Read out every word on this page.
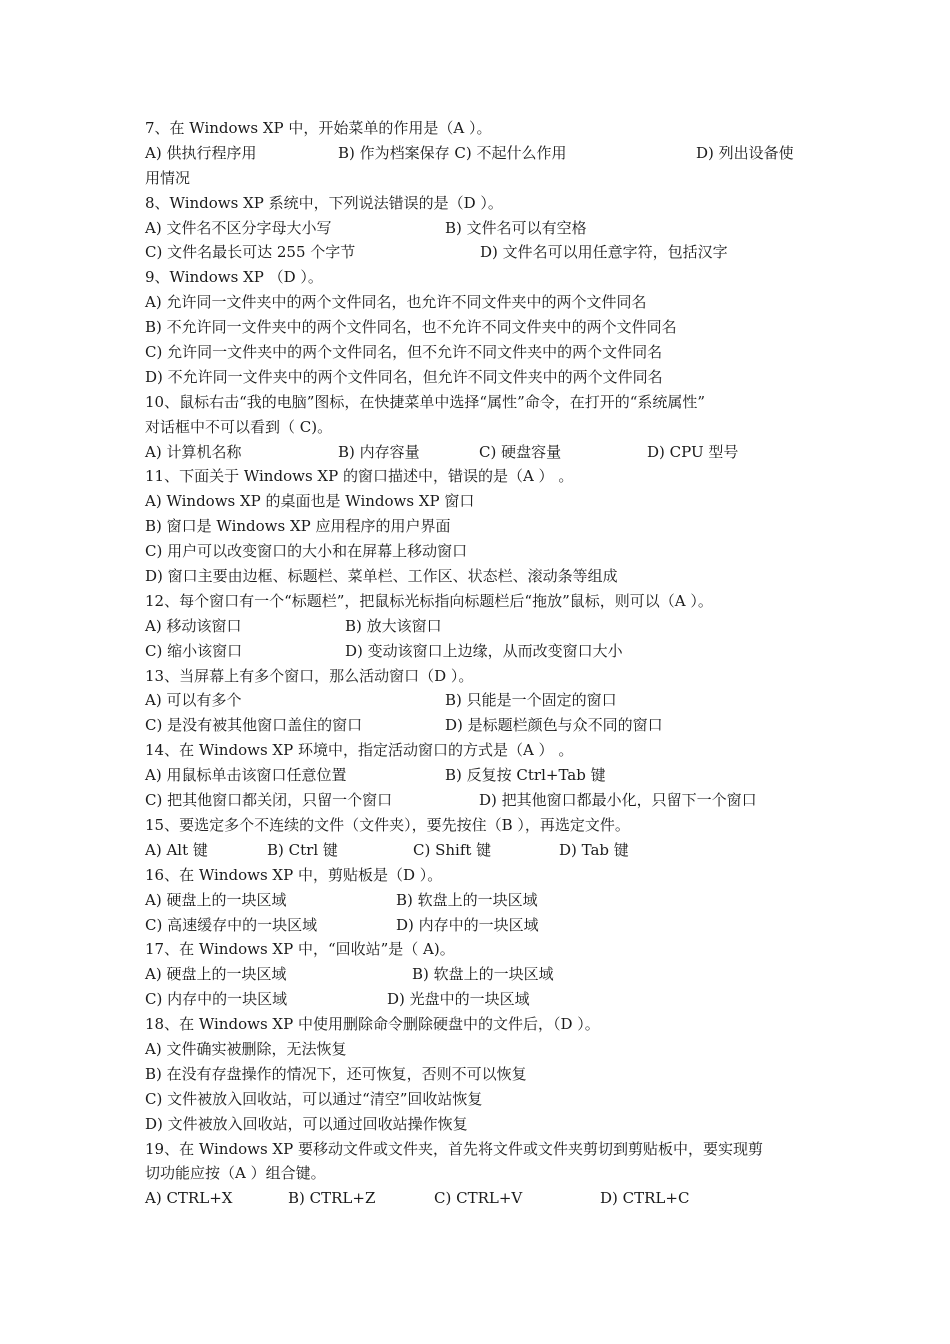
7、在 Windows XP 中，开始菜单的作用是（A ）。
A) 供执行程序用	B) 作为档案保存 C) 不起什么作用	D) 列出设备使
用情况
8、Windows XP 系统中，下列说法错误的是（D ）。
A) 文件名不区分字母大小写	B) 文件名可以有空格
C) 文件名最长可达 255 个字节	D) 文件名可以用任意字符，包括汉字
9、Windows XP （D ）。
A) 允许同一文件夹中的两个文件同名，也允许不同文件夹中的两个文件同名
B) 不允许同一文件夹中的两个文件同名，也不允许不同文件夹中的两个文件同名
C) 允许同一文件夹中的两个文件同名，但不允许不同文件夹中的两个文件同名
D) 不允许同一文件夹中的两个文件同名，但允许不同文件夹中的两个文件同名
10、鼠标右击“我的电脑”图标，在快捷菜单中选择“属性”命令，在打开的“系统属性”
对话框中不可以看到（ C)。
A) 计算机名称	B) 内存容量	C) 硬盘容量	D) CPU 型号
11、下面关于 Windows XP 的窗口描述中，错误的是（A ） 。
A) Windows XP 的桌面也是 Windows XP 窗口
B) 窗口是 Windows XP 应用程序的用户界面
C) 用户可以改变窗口的大小和在屏幕上移动窗口
D) 窗口主要由边框、标题栏、菜单栏、工作区、状态栏、滚动条等组成
12、每个窗口有一个“标题栏”，把鼠标光标指向标题栏后“拖放”鼠标，则可以（A ）。
A) 移动该窗口	B) 放大该窗口
C) 缩小该窗口	D) 变动该窗口上边缘，从而改变窗口大小
13、当屏幕上有多个窗口，那么活动窗口（D ）。
A) 可以有多个	B) 只能是一个固定的窗口
C) 是没有被其他窗口盖住的窗口	D) 是标题栏颜色与众不同的窗口
14、在 Windows XP 环境中，指定活动窗口的方式是（A ） 。
A) 用鼠标单击该窗口任意位置	B) 反复按 Ctrl+Tab 键
C) 把其他窗口都关闭，只留一个窗口	D) 把其他窗口都最小化，只留下一个窗口
15、要选定多个不连续的文件（文件夹），要先按住（B ），再选定文件。
A) Alt 键	B) Ctrl 键	C) Shift 键	D) Tab 键
16、在 Windows XP 中，剪贴板是（D ）。
A) 硬盘上的一块区域	B) 软盘上的一块区域
C) 高速缓存中的一块区域	D) 内存中的一块区域
17、在 Windows XP 中，“回收站”是（ A)。
A) 硬盘上的一块区域	B) 软盘上的一块区域
C) 内存中的一块区域	D) 光盘中的一块区域
18、在 Windows XP 中使用删除命令删除硬盘中的文件后，（D ）。
A) 文件确实被删除，无法恢复
B) 在没有存盘操作的情况下，还可恢复，否则不可以恢复
C) 文件被放入回收站，可以通过“清空”回收站恢复
D) 文件被放入回收站，可以通过回收站操作恢复
19、在 Windows XP 要移动文件或文件夹，首先将文件或文件夹剪切到剪贴板中，要实现剪
切功能应按（A ）组合键。
A) CTRL+X	B) CTRL+Z	C) CTRL+V	D) CTRL+C
